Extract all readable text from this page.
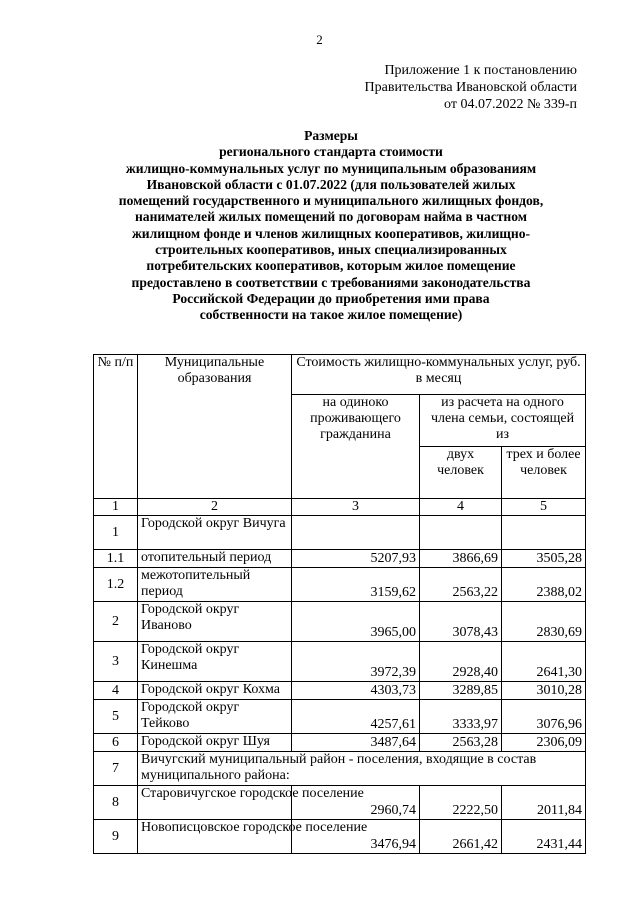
2
Приложение 1 к постановлению
Правительства Ивановской области
от 04.07.2022 № 339-п
Размеры
регионального стандарта стоимости
жилищно-коммунальных услуг по муниципальным образованиям
Ивановской области с 01.07.2022 (для пользователей жилых
помещений государственного и муниципального жилищных фондов,
нанимателей жилых помещений по договорам найма в частном
жилищном фонде и членов жилищных кооперативов, жилищно-
строительных кооперативов, иных специализированных
потребительских кооперативов, которым жилое помещение
предоставлено в соответствии с требованиями законодательства
Российской Федерации до приобретения ими права
собственности на такое жилое помещение)
№ п/п	Муниципальные образования	Стоимость жилищно-коммунальных услуг, руб. в месяц		
		на одиноко проживающего гражданина	из расчета на одного члена семьи, состоящей из	
			двух человек	трех и более человек
1	2	3	4	5
1	Городской округ Вичуга			
1.1	отопительный период	5207,93	3866,69	3505,28
1.2	межотопительный период	3159,62	2563,22	2388,02
2	Городской округ Иваново	3965,00	3078,43	2830,69
3	Городской округ Кинешма	3972,39	2928,40	2641,30
4	Городской округ Кохма	4303,73	3289,85	3010,28
5	Городской округ Тейково	4257,61	3333,97	3076,96
6	Городской округ Шуя	3487,64	2563,28	2306,09
7	Вичугский муниципальный район - поселения, входящие в состав муниципального района:			
8	Старовичугское городское поселение	2960,74	2222,50	2011,84
9	Новописцовское городское поселение	3476,94	2661,42	2431,44
